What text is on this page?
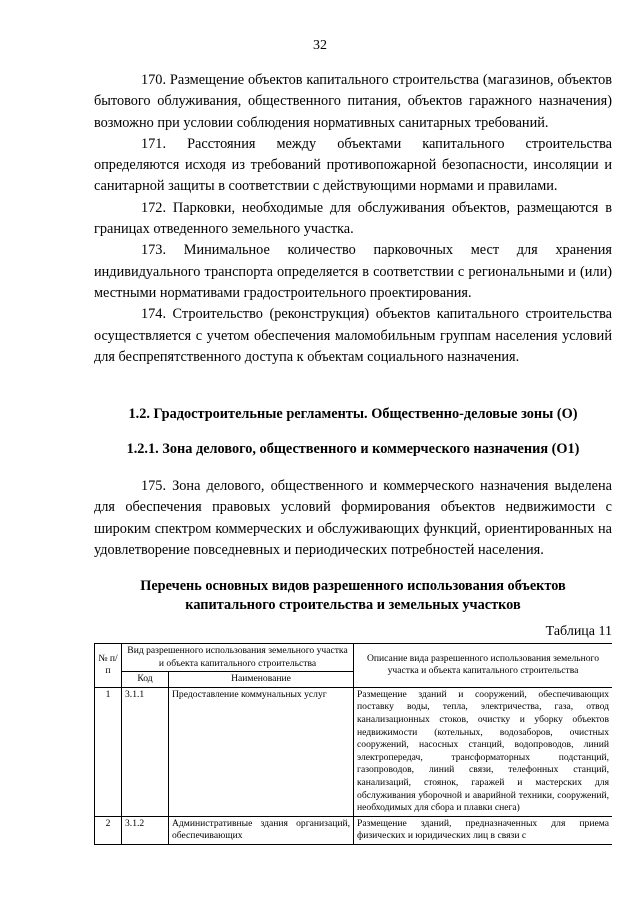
32

170. Размещение объектов капитального строительства (магазинов, объектов бытового облуживания, общественного питания, объектов гаражного назначения) возможно при условии соблюдения нормативных санитарных требований.

171. Расстояния между объектами капитального строительства определяются исходя из требований противопожарной безопасности, инсоляции и санитарной защиты в соответствии с действующими нормами и правилами.

172. Парковки, необходимые для обслуживания объектов, размещаются в границах отведенного земельного участка.

173. Минимальное количество парковочных мест для хранения индивидуального транспорта определяется в соответствии с региональными и (или) местными нормативами градостроительного проектирования.

174. Строительство (реконструкция) объектов капитального строительства осуществляется с учетом обеспечения маломобильным группам населения условий для беспрепятственного доступа к объектам социального назначения.

1.2. Градостроительные регламенты. Общественно-деловые зоны (О)
1.2.1. Зона делового, общественного и коммерческого назначения (О1)

175. Зона делового, общественного и коммерческого назначения выделена для обеспечения правовых условий формирования объектов недвижимости с широким спектром коммерческих и обслуживающих функций, ориентированных на удовлетворение повседневных и периодических потребностей населения.

Перечень основных видов разрешенного использования объектов
капитального строительства и земельных участков
Таблица 11
№ п/п	Вид разрешенного использования земельного участка и объекта капитального строительства		Описание вида разрешенного использования земельного участка и объекта капитального строительства
	Код	Наименование	
1	3.1.1	Предоставление коммунальных услуг	Размещение зданий и сооружений, обеспечивающих поставку воды, тепла, электричества, газа, отвод канализационных стоков, очистку и уборку объектов недвижимости (котельных, водозаборов, очистных сооружений, насосных станций, водопроводов, линий электропередач, трансформаторных подстанций, газопроводов, линий связи, телефонных станций, канализаций, стоянок, гаражей и мастерских для обслуживания уборочной и аварийной техники, сооружений, необходимых для сбора и плавки снега)
2	3.1.2	Административные здания организаций, обеспечивающих	Размещение зданий, предназначенных для приема физических и юридических лиц в связи с
